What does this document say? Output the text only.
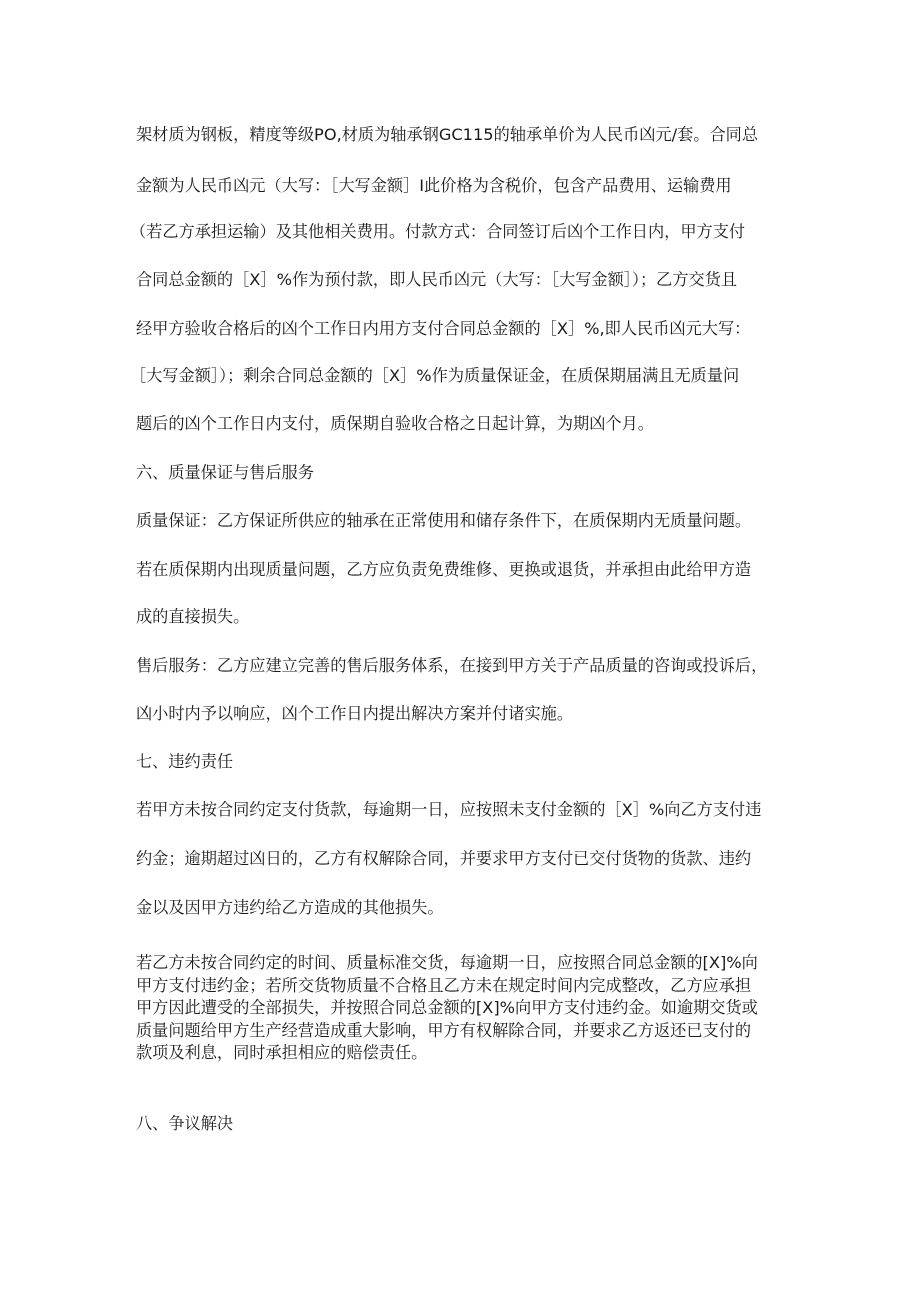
架材质为钢板，精度等级PO,材质为轴承钢GC115的轴承单价为人民币凶元/套。合同总

金额为人民币凶元（大写：［大写金额］I此价格为含税价，包含产品费用、运输费用

（若乙方承担运输）及其他相关费用。付款方式：合同签订后凶个工作日内，甲方支付

合同总金额的［X］%作为预付款，即人民币凶元（大写：［大写金额］）；乙方交货且

经甲方验收合格后的凶个工作日内用方支付合同总金额的［X］%,即人民币凶元大写：

［大写金额］）；剩余合同总金额的［X］%作为质量保证金，在质保期届满且无质量问

题后的凶个工作日内支付，质保期自验收合格之日起计算，为期凶个月。

六、质量保证与售后服务

质量保证：乙方保证所供应的轴承在正常使用和储存条件下，在质保期内无质量问题。

若在质保期内出现质量问题，乙方应负责免费维修、更换或退货，并承担由此给甲方造

成的直接损失。

售后服务：乙方应建立完善的售后服务体系，在接到甲方关于产品质量的咨询或投诉后，

凶小时内予以响应，凶个工作日内提出解决方案并付诸实施。

七、违约责任

若甲方未按合同约定支付货款，每逾期一日，应按照未支付金额的［X］%向乙方支付违

约金；逾期超过凶日的，乙方有权解除合同，并要求甲方支付已交付货物的货款、违约

金以及因甲方违约给乙方造成的其他损失。

若乙方未按合同约定的时间、质量标准交货，每逾期一日，应按照合同总金额的[X]%向
甲方支付违约金；若所交货物质量不合格且乙方未在规定时间内完成整改，乙方应承担
甲方因此遭受的全部损失，并按照合同总金额的[X]%向甲方支付违约金。如逾期交货或
质量问题给甲方生产经营造成重大影响，甲方有权解除合同，并要求乙方返还已支付的
款项及利息，同时承担相应的赔偿责任。

八、争议解决
